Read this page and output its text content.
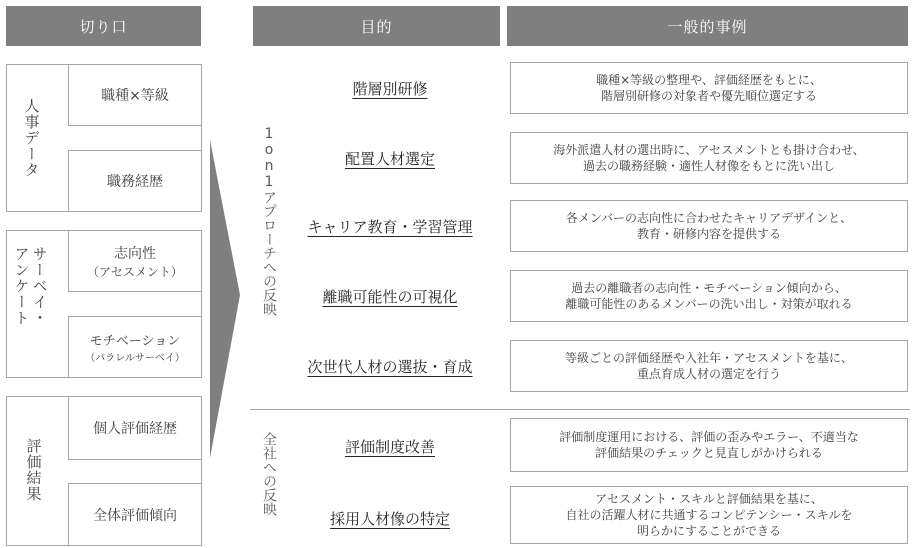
切り口	目的	一般的事例
人事データ
職種×等級
職務経歴
サーベイ・
アンケート	志向性
（アセスメント）
モチベーション
（パラレルサーベイ）
評価結果
個人評価経歴
全体評価傾向
1on1アプローチへの反映
全社への反映
階層別研修	職種×等級の整理や、評価経歴をもとに、
階層別研修の対象者や優先順位選定する
配置人材選定	海外派遣人材の選出時に、アセスメントとも掛け合わせ、
過去の職務経験・適性人材像をもとに洗い出し
キャリア教育・学習管理	各メンバーの志向性に合わせたキャリアデザインと、
教育・研修内容を提供する
離職可能性の可視化	過去の離職者の志向性・モチベーション傾向から、
離職可能性のあるメンバーの洗い出し・対策が取れる
次世代人材の選抜・育成	等級ごとの評価経歴や入社年・アセスメントを基に、
重点育成人材の選定を行う
評価制度改善
評価制度運用における、評価の歪みやエラー、不適当な
評価結果のチェックと見直しがかけられる
採用人材像の特定
アセスメント・スキルと評価結果を基に、
自社の活躍人材に共通するコンピテンシー・スキルを
明らかにすることができる
